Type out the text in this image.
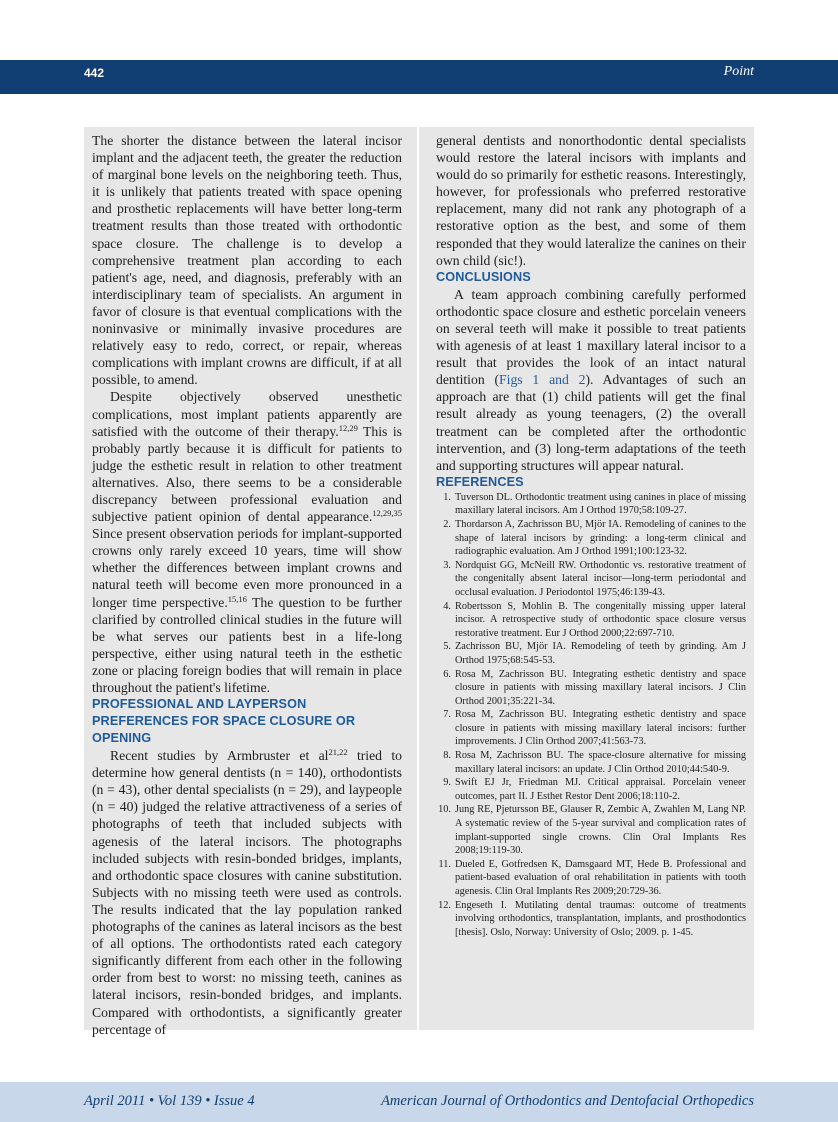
442	Point

The shorter the distance between the lateral incisor implant and the adjacent teeth, the greater the reduction of marginal bone levels on the neighboring teeth. Thus, it is unlikely that patients treated with space opening and prosthetic replacements will have better long-term treatment results than those treated with orthodontic space closure. The challenge is to develop a comprehensive treatment plan according to each patient's age, need, and diagnosis, preferably with an interdisciplinary team of specialists. An argument in favor of closure is that eventual complications with the noninvasive or minimally invasive procedures are relatively easy to redo, correct, or repair, whereas complications with implant crowns are difficult, if at all possible, to amend.

Despite objectively observed unesthetic complications, most implant patients apparently are satisfied with the outcome of their therapy.$^{12,29}$ This is probably partly because it is difficult for patients to judge the esthetic result in relation to other treatment alternatives. Also, there seems to be a considerable discrepancy between professional evaluation and subjective patient opinion of dental appearance.$^{12,29,35}$ Since present observation periods for implant-supported crowns only rarely exceed 10 years, time will show whether the differences between implant crowns and natural teeth will become even more pronounced in a longer time perspective.$^{15,16}$ The question to be further clarified by controlled clinical studies in the future will be what serves our patients best in a life-long perspective, either using natural teeth in the esthetic zone or placing foreign bodies that will remain in place throughout the patient's lifetime.

PROFESSIONAL AND LAYPERSON PREFERENCES FOR SPACE CLOSURE OR OPENING

Recent studies by Armbruster et al$^{21,22}$ tried to determine how general dentists (n = 140), orthodontists (n = 43), other dental specialists (n = 29), and laypeople (n = 40) judged the relative attractiveness of a series of photographs of teeth that included subjects with agenesis of the lateral incisors. The photographs included subjects with resin-bonded bridges, implants, and orthodontic space closures with canine substitution. Subjects with no missing teeth were used as controls. The results indicated that the lay population ranked photographs of the canines as lateral incisors as the best of all options. The orthodontists rated each category significantly different from each other in the following order from best to worst: no missing teeth, canines as lateral incisors, resin-bonded bridges, and implants. Compared with orthodontists, a significantly greater percentage of

general dentists and nonorthodontic dental specialists would restore the lateral incisors with implants and would do so primarily for esthetic reasons. Interestingly, however, for professionals who preferred restorative replacement, many did not rank any photograph of a restorative option as the best, and some of them responded that they would lateralize the canines on their own child (sic!).

CONCLUSIONS

A team approach combining carefully performed orthodontic space closure and esthetic porcelain veneers on several teeth will make it possible to treat patients with agenesis of at least 1 maxillary lateral incisor to a result that provides the look of an intact natural dentition (Figs 1 and 2). Advantages of such an approach are that (1) child patients will get the final result already as young teenagers, (2) the overall treatment can be completed after the orthodontic intervention, and (3) long-term adaptations of the teeth and supporting structures will appear natural.

REFERENCES
1. Tuverson DL. Orthodontic treatment using canines in place of missing maxillary lateral incisors. Am J Orthod 1970;58:109-27.
2. Thordarson A, Zachrisson BU, Mjör IA. Remodeling of canines to the shape of lateral incisors by grinding: a long-term clinical and radiographic evaluation. Am J Orthod 1991;100:123-32.
3. Nordquist GG, McNeill RW. Orthodontic vs. restorative treatment of the congenitally absent lateral incisor—long-term periodontal and occlusal evaluation. J Periodontol 1975;46:139-43.
4. Robertsson S, Mohlin B. The congenitally missing upper lateral incisor. A retrospective study of orthodontic space closure versus restorative treatment. Eur J Orthod 2000;22:697-710.
5. Zachrisson BU, Mjör IA. Remodeling of teeth by grinding. Am J Orthod 1975;68:545-53.
6. Rosa M, Zachrisson BU. Integrating esthetic dentistry and space closure in patients with missing maxillary lateral incisors. J Clin Orthod 2001;35:221-34.
7. Rosa M, Zachrisson BU. Integrating esthetic dentistry and space closure in patients with missing maxillary lateral incisors: further improvements. J Clin Orthod 2007;41:563-73.
8. Rosa M, Zachrisson BU. The space-closure alternative for missing maxillary lateral incisors: an update. J Clin Orthod 2010;44:540-9.
9. Swift EJ Jr, Friedman MJ. Critical appraisal. Porcelain veneer outcomes, part II. J Esthet Restor Dent 2006;18:110-2.
10. Jung RE, Pjetursson BE, Glauser R, Zembic A, Zwahlen M, Lang NP. A systematic review of the 5-year survival and complication rates of implant-supported single crowns. Clin Oral Implants Res 2008;19:119-30.
11. Dueled E, Gotfredsen K, Damsgaard MT, Hede B. Professional and patient-based evaluation of oral rehabilitation in patients with tooth agenesis. Clin Oral Implants Res 2009;20:729-36.
12. Engeseth I. Mutilating dental traumas: outcome of treatments involving orthodontics, transplantation, implants, and prosthodontics [thesis]. Oslo, Norway: University of Oslo; 2009. p. 1-45.
April 2011 • Vol 139 • Issue 4	American Journal of Orthodontics and Dentofacial Orthopedics
